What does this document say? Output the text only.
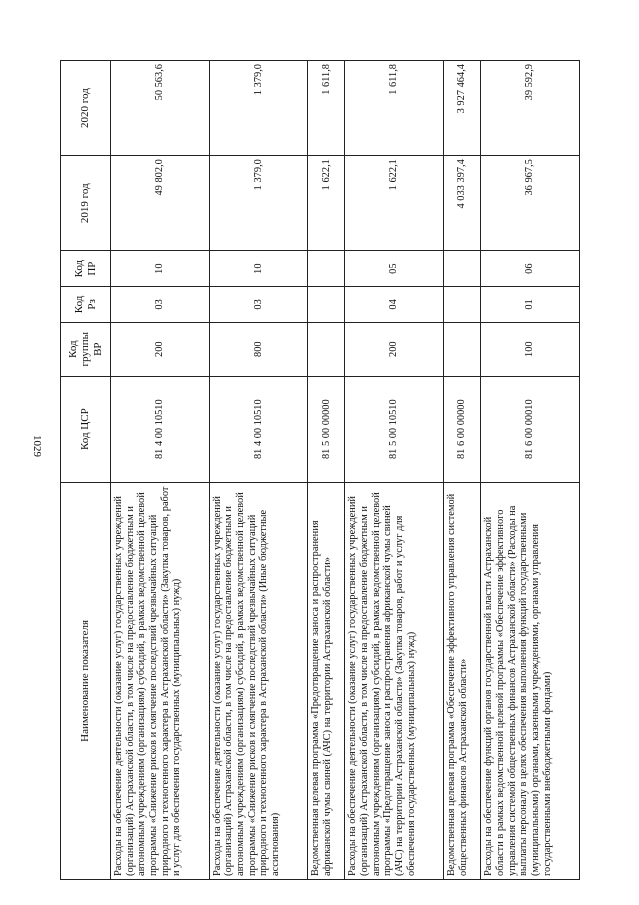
1029
Наименование показателя	Код ЦСР	Код группы ВР	Код Рз	Код ПР	2019 год	2020 год
Расходы на обеспечение деятельности (оказание услуг) государственных учреждений (организаций) Астраханской области, в том числе на предоставление бюджетным и автономным учреждениям (организациям) субсидий, в рамках ведомственной целевой программы «Снижение рисков и смягчение последствий чрезвычайных ситуаций природного и техногенного характера в Астраханской области» (Закупка товаров, работ и услуг для обеспечения государственных (муниципальных) нужд)	81 4 00 10510	200	03	10	49 802,0	50 563,6
Расходы на обеспечение деятельности (оказание услуг) государственных учреждений (организаций) Астраханской области, в том числе на предоставление бюджетным и автономным учреждениям (организациям) субсидий, в рамках ведомственной целевой программы «Снижение рисков и смягчение последствий чрезвычайных ситуаций природного и техногенного характера в Астраханской области» (Иные бюджетные ассигнования)	81 4 00 10510	800	03	10	1 379,0	1 379,0
Ведомственная целевая программа «Предотвращение заноса и распространения африканской чумы свиней (АЧС) на территории Астраханской области»	81 5 00 00000				1 622,1	1 611,8
Расходы на обеспечение деятельности (оказание услуг) государственных учреждений (организаций) Астраханской области, в том числе на предоставление бюджетным и автономным учреждениям (организациям) субсидий, в рамках ведомственной целевой программы «Предотвращение заноса и распространения африканской чумы свиней (АЧС) на территории Астраханской области» (Закупка товаров, работ и услуг для обеспечения государственных (муниципальных) нужд)	81 5 00 10510	200	04	05	1 622,1	1 611,8
Ведомственная целевая программа «Обеспечение эффективного управления системой общественных финансов Астраханской области»	81 6 00 00000				4 033 397,4	3 927 464,4
Расходы на обеспечение функций органов государственной власти Астраханской области в рамках ведомственной целевой программы «Обеспечение эффективного управления системой общественных финансов Астраханской области» (Расходы на выплаты персоналу в целях обеспечения выполнения функций государственными (муниципальными) органами, казенными учреждениями, органами управления государственными внебюджетными фондами)	81 6 00 00010	100	01	06	36 967,5	39 592,9
